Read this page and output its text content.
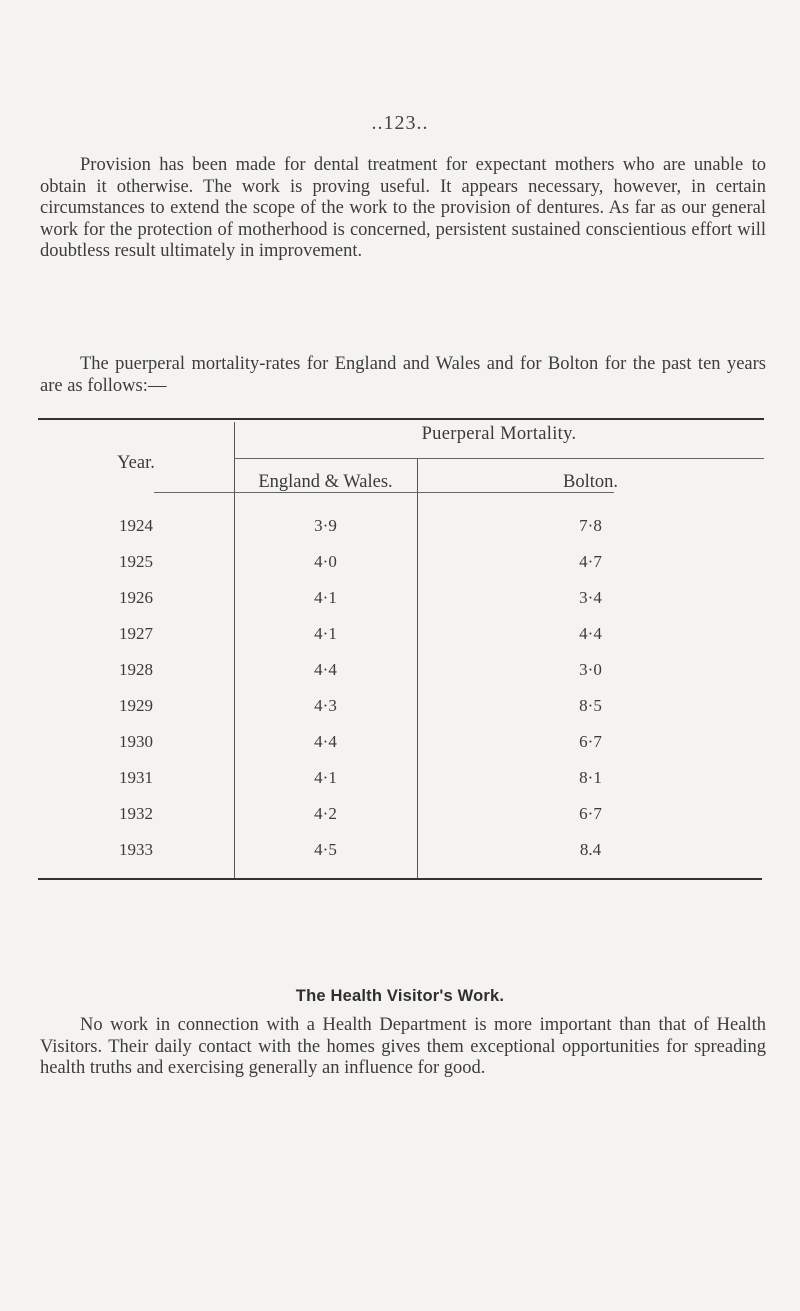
..123..

Provision has been made for dental treatment for expectant mothers who are unable to obtain it otherwise. The work is proving useful. It appears necessary, however, in certain circumstances to extend the scope of the work to the provision of dentures. As far as our general work for the protection of motherhood is concerned, persistent sustained conscientious effort will doubtless result ultimately in improvement.

The puerperal mortality-rates for England and Wales and for Bolton for the past ten years are as follows:—

Year.
Puerperal Mortality.
England & Wales.	Bolton.
1924	3·9	7·8
1925	4·0	4·7
1926	4·1	3·4
1927	4·1	4·4
1928	4·4	3·0
1929	4·3	8·5
1930	4·4	6·7
1931	4·1	8·1
1932	4·2	6·7
1933	4·5	8.4
The Health Visitor's Work.

No work in connection with a Health Department is more important than that of Health Visitors. Their daily contact with the homes gives them exceptional opportunities for spreading health truths and exercising generally an influence for good.
